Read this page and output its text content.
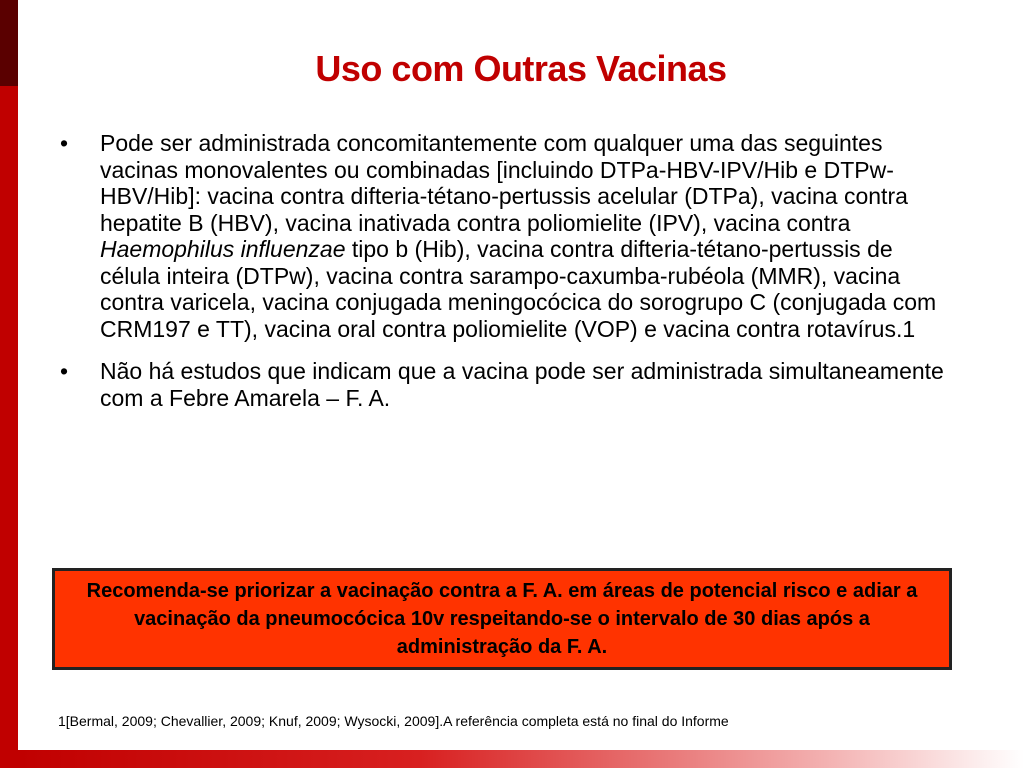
Uso com Outras Vacinas
• Pode ser administrada concomitantemente com qualquer uma das seguintes vacinas monovalentes ou combinadas [incluindo DTPa-HBV-IPV/Hib e DTPw-HBV/Hib]: vacina contra difteria-tétano-pertussis acelular (DTPa), vacina contra hepatite B (HBV), vacina inativada contra poliomielite (IPV), vacina contra Haemophilus influenzae tipo b (Hib), vacina contra difteria-tétano-pertussis de célula inteira (DTPw), vacina contra sarampo-caxumba-rubéola (MMR), vacina contra varicela, vacina conjugada meningocócica do sorogrupo C (conjugada com CRM197 e TT), vacina oral contra poliomielite (VOP) e vacina contra rotavírus.1
• Não há estudos que indicam que a vacina pode ser administrada simultaneamente com a Febre Amarela – F. A.
Recomenda-se priorizar a vacinação contra a F. A. em áreas de potencial risco e adiar a vacinação da pneumocócica 10v respeitando-se o intervalo de 30 dias após a administração da F. A.
1[Bermal, 2009; Chevallier, 2009; Knuf, 2009; Wysocki, 2009].A referência completa está no final do Informe
